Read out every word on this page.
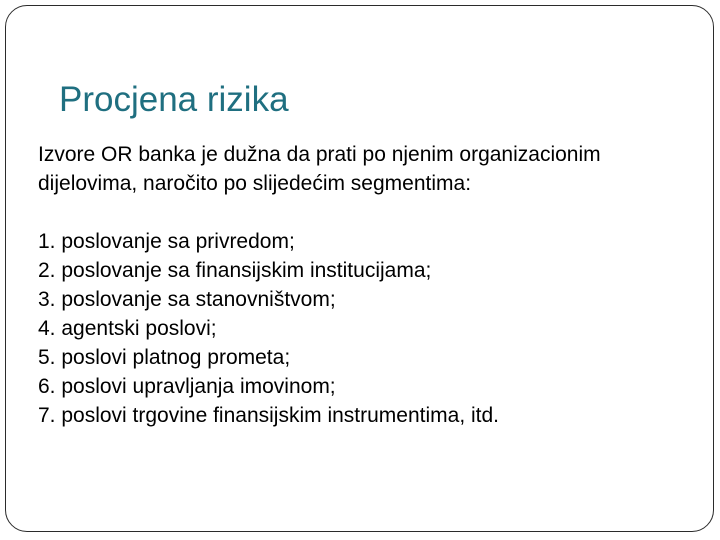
Procjena rizika
Izvore OR banka je dužna da prati po njenim organizacionim
dijelovima, naročito po slijedećim segmentima:
1. poslovanje sa privredom;
2. poslovanje sa finansijskim institucijama;
3. poslovanje sa stanovništvom;
4. agentski poslovi;
5. poslovi platnog prometa;
6. poslovi upravljanja imovinom;
7. poslovi trgovine finansijskim instrumentima, itd.
